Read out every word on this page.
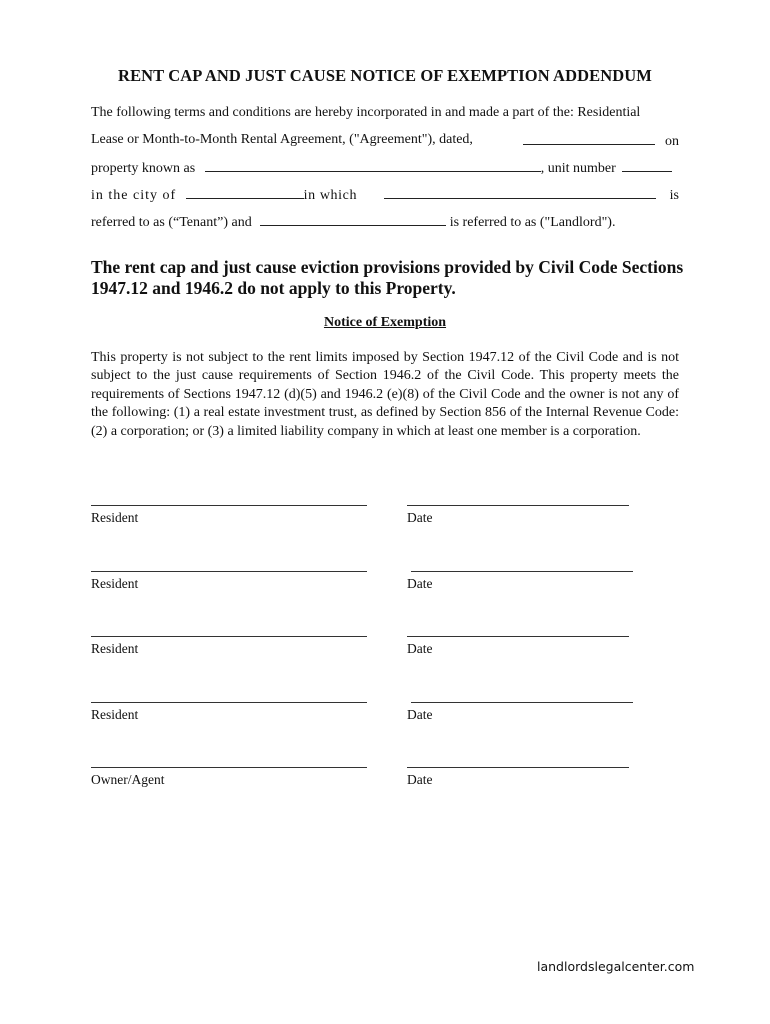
RENT CAP AND JUST CAUSE NOTICE OF EXEMPTION ADDENDUM
The following terms and conditions are hereby incorporated in and made a part of the: Residential
Lease or Month-to-Month Rental Agreement, ("Agreement"), dated,	on
property known as	, unit number
in the city of	in which	is
referred to as (“Tenant”) and	is referred to as ("Landlord").
The rent cap and just cause eviction provisions provided by Civil Code Sections 1947.12 and 1946.2 do not apply to this Property.
Notice of Exemption
This property is not subject to the rent limits imposed by Section 1947.12 of the Civil Code and is not subject to the just cause requirements of Section 1946.2 of the Civil Code. This property meets the requirements of Sections 1947.12 (d)(5) and 1946.2 (e)(8) of the Civil Code and the owner is not any of the following: (1) a real estate investment trust, as defined by Section 856 of the Internal Revenue Code: (2) a corporation; or (3) a limited liability company in which at least one member is a corporation.
Resident	Date
Resident	Date
Resident	Date
Resident	Date
Owner/Agent	Date
landlordslegalcenter.com
